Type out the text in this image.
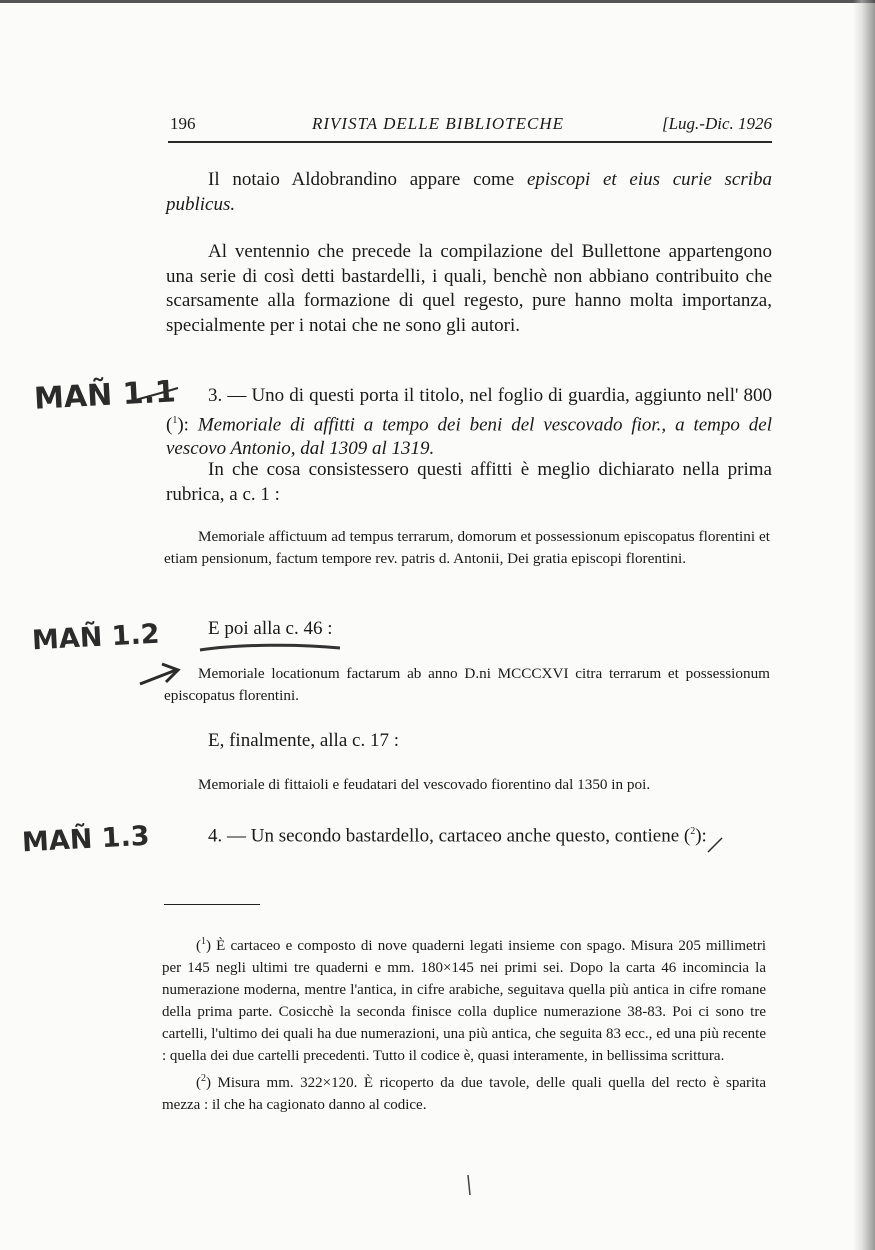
196	RIVISTA DELLE BIBLIOTECHE	[Lug.-Dic. 1926

Il notaio Aldobrandino appare come episcopi et eius curie scriba publicus.

Al ventennio che precede la compilazione del Bullettone appartengono una serie di così detti bastardelli, i quali, benchè non abbiano contribuito che scarsamente alla formazione di quel regesto, pure hanno molta importanza, specialmente per i notai che ne sono gli autori.

3. — Uno di questi porta il titolo, nel foglio di guardia, aggiunto nell' 800 ($^1$): Memoriale di affitti a tempo dei beni del vescovado fior., a tempo del vescovo Antonio, dal 1309 al 1319.

In che cosa consistessero questi affitti è meglio dichiarato nella prima rubrica, a c. 1 :

Memoriale affictuum ad tempus terrarum, domorum et possessionum episcopatus florentini et etiam pensionum, factum tempore rev. patris d. Antonii, Dei gratia episcopi florentini.

E poi alla c. 46 :

Memoriale locationum factarum ab anno D.ni MCCCXVI citra terrarum et possessionum episcopatus florentini.

E, finalmente, alla c. 17 :

Memoriale di fittaioli e feudatari del vescovado fiorentino dal 1350 in poi.

4. — Un secondo bastardello, cartaceo anche questo, contiene ($^2$):

($^1$) È cartaceo e composto di nove quaderni legati insieme con spago. Misura 205 millimetri per 145 negli ultimi tre quaderni e mm. 180×145 nei primi sei. Dopo la carta 46 incomincia la numerazione moderna, mentre l'antica, in cifre arabiche, seguitava quella più antica in cifre romane della prima parte. Cosicchè la seconda finisce colla duplice numerazione 38-83. Poi ci sono tre cartelli, l'ultimo dei quali ha due numerazioni, una più antica, che seguita 83 ecc., ed una più recente : quella dei due cartelli precedenti. Tutto il codice è, quasi interamente, in bellissima scrittura.

($^2$) Misura mm. 322×120. È ricoperto da due tavole, delle quali quella del recto è sparita mezza : il che ha cagionato danno al codice.

MAÑ 1.1
MAÑ 1.2
MAÑ 1.3
